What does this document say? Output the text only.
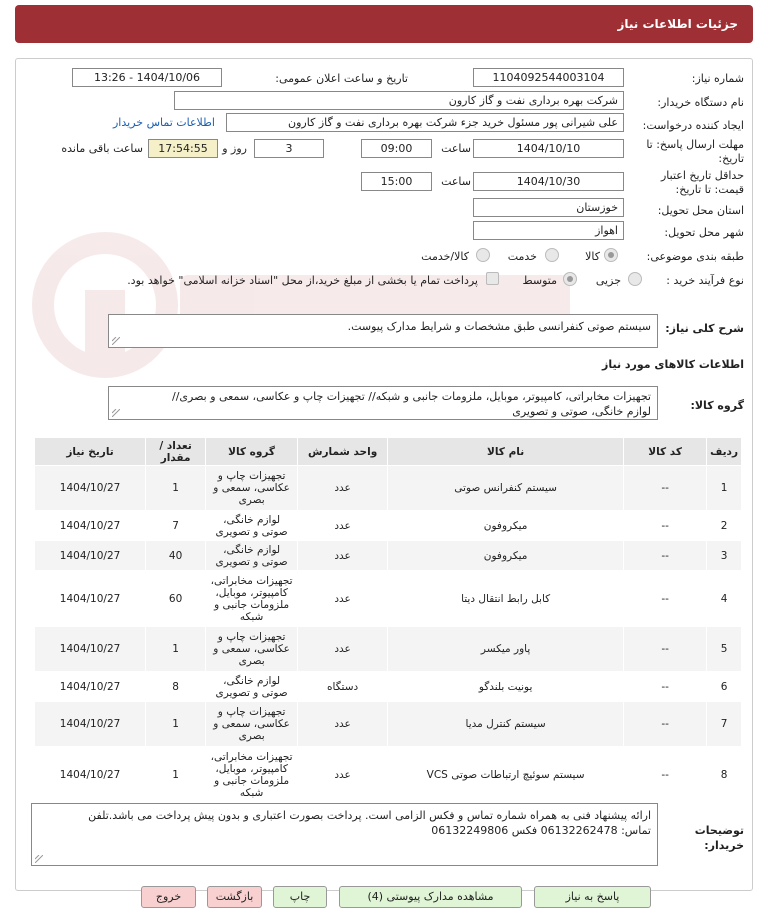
جزئیات اطلاعات نیاز
شماره نیاز:
1104092544003104
تاریخ و ساعت اعلان عمومی:
1404/10/06 - 13:26
نام دستگاه خریدار:
شرکت بهره برداری نفت و گاز کارون
ایجاد کننده درخواست:
علی شیرانی پور مسئول خرید جزء شرکت بهره برداری نفت و گاز کارون
اطلاعات تماس خریدار
مهلت ارسال پاسخ: تا
تاریخ:
1404/10/10
ساعت
09:00
3
روز و
17:54:55
ساعت باقی مانده
حداقل تاریخ اعتبار
قیمت: تا تاریخ:
1404/10/30
ساعت
15:00
استان محل تحویل:
خوزستان
شهر محل تحویل:
اهواز
طبقه بندی موضوعی:
کالا
خدمت
کالا/خدمت
نوع فرآیند خرید :
جزیی
متوسط
پرداخت تمام یا بخشی از مبلغ خرید،از محل "اسناد خزانه اسلامی" خواهد بود.
شرح کلی نیاز:
سیستم صوتی کنفرانسی طبق مشخصات و شرایط مدارک پیوست.
اطلاعات کالاهای مورد نیاز
گروه کالا:
تجهیزات مخابراتی، کامپیوتر، موبایل، ملزومات جانبی و شبکه// تجهیزات چاپ و عکاسی، سمعی و بصری//
لوازم خانگی، صوتی و تصویری
ردیف	کد کالا	نام کالا	واحد شمارش	گروه کالا	تعداد / مقدار	تاریخ نیاز
1	--	سیستم کنفرانس صوتی	عدد	تجهیزات چاپ و عکاسی، سمعی و بصری	1	1404/10/27
2	--	میکروفون	عدد	لوازم خانگی، صوتی و تصویری	7	1404/10/27
3	--	میکروفون	عدد	لوازم خانگی، صوتی و تصویری	40	1404/10/27
4	--	کابل رابط انتقال دیتا	عدد	تجهیزات مخابراتی، کامپیوتر، موبایل، ملزومات جانبی و شبکه	60	1404/10/27
5	--	پاور میکسر	عدد	تجهیزات چاپ و عکاسی، سمعی و بصری	1	1404/10/27
6	--	یونیت بلندگو	دستگاه	لوازم خانگی، صوتی و تصویری	8	1404/10/27
7	--	سیستم کنترل مدیا	عدد	تجهیزات چاپ و عکاسی، سمعی و بصری	1	1404/10/27
8	--	سیستم سوئیچ ارتباطات صوتی VCS	عدد	تجهیزات مخابراتی، کامپیوتر، موبایل، ملزومات جانبی و شبکه	1	1404/10/27
توضیحات
خریدار:
ارائه پیشنهاد فنی به همراه شماره تماس و فکس الزامی است. پرداخت بصورت اعتباری و بدون پیش پرداخت می باشد.تلفن
تماس: 06132262478 فکس 06132249806
پاسخ به نیاز
مشاهده مدارک پیوستی (4)
چاپ
بازگشت
خروج
